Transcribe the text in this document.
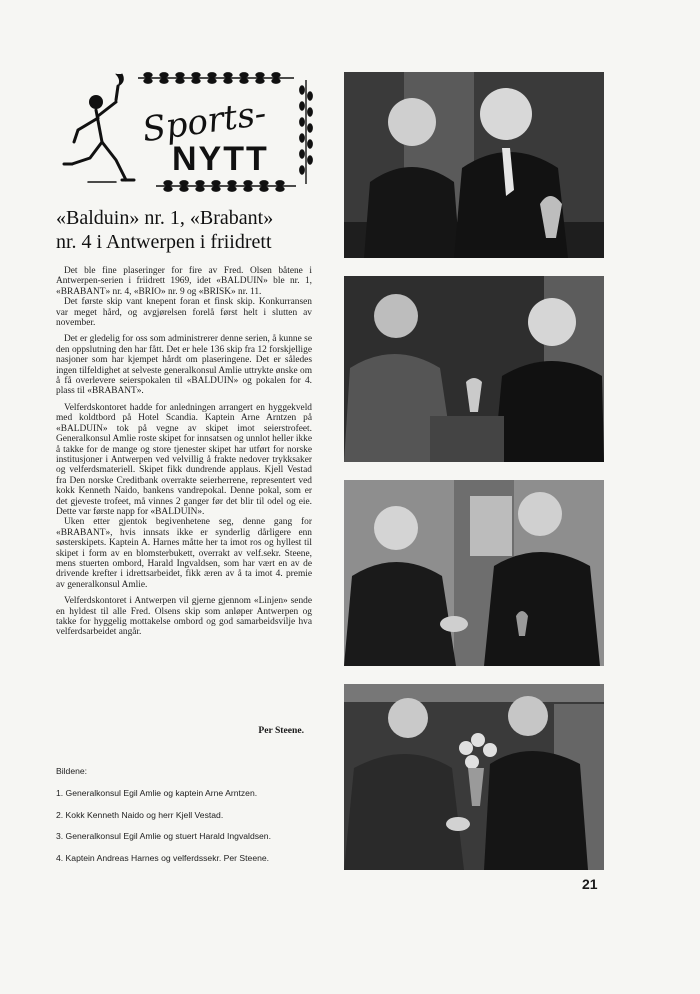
Sports-
NYTT
«Balduin» nr. 1, «Brabant»
nr. 4 i Antwerpen i friidrett

Det ble fine plaseringer for fire av Fred. Olsen båtene i Antwerpen-serien i friidrett 1969, idet «BALDUIN» ble nr. 1, «BRABANT» nr. 4, «BRIO» nr. 9 og «BRISK» nr. 11.

Det første skip vant knepent foran et finsk skip. Konkurransen var meget hård, og avgjørelsen forelå først helt i slutten av november.

Det er gledelig for oss som administrerer denne serien, å kunne se den oppslutning den har fått. Det er hele 136 skip fra 12 forskjellige nasjoner som har kjempet hårdt om plaseringene. Det er således ingen tilfeldighet at selveste generalkonsul Amlie uttrykte ønske om å få overlevere seierspokalen til «BALDUIN» og pokalen for 4. plass til «BRABANT».

Velferdskontoret hadde for anledningen arrangert en hyggekveld med koldtbord på Hotel Scandia. Kaptein Arne Arntzen på «BALDUIN» tok på vegne av skipet imot seierstrofeet. Generalkonsul Amlie roste skipet for innsatsen og unnlot heller ikke å takke for de mange og store tjenester skipet har utført for norske institusjoner i Antwerpen ved velvillig å frakte nedover trykksaker og velferdsmateriell. Skipet fikk dundrende applaus. Kjell Vestad fra Den norske Creditbank overrakte seierherrene, representert ved kokk Kenneth Naido, bankens vandrepokal. Denne pokal, som er det gjeveste trofeet, må vinnes 2 ganger før det blir til odel og eie. Dette var første napp for «BALDUIN».

Uken etter gjentok begivenhetene seg, denne gang for «BRABANT», hvis innsats ikke er synderlig dårligere enn søsterskipets. Kaptein A. Harnes måtte her ta imot ros og hyllest til skipet i form av en blomsterbukett, overrakt av velf.sekr. Steene, mens stuerten ombord, Harald Ingvaldsen, som har vært en av de drivende krefter i idrettsarbeidet, fikk æren av å ta imot 4. premie av generalkonsul Amlie.

Velferdskontoret i Antwerpen vil gjerne gjennom «Linjen» sende en hyldest til alle Fred. Olsens skip som anløper Antwerpen og takke for hyggelig mottakelse ombord og god samarbeidsvilje hva velferdsarbeidet angår.

Per Steene.
Bildene:
1. Generalkonsul Egil Amlie og kaptein Arne Arntzen.
2. Kokk Kenneth Naido og herr Kjell Vestad.
3. Generalkonsul Egil Amlie og stuert Harald Ingvaldsen.
4. Kaptein Andreas Harnes og velferdssekr. Per Steene.
21
